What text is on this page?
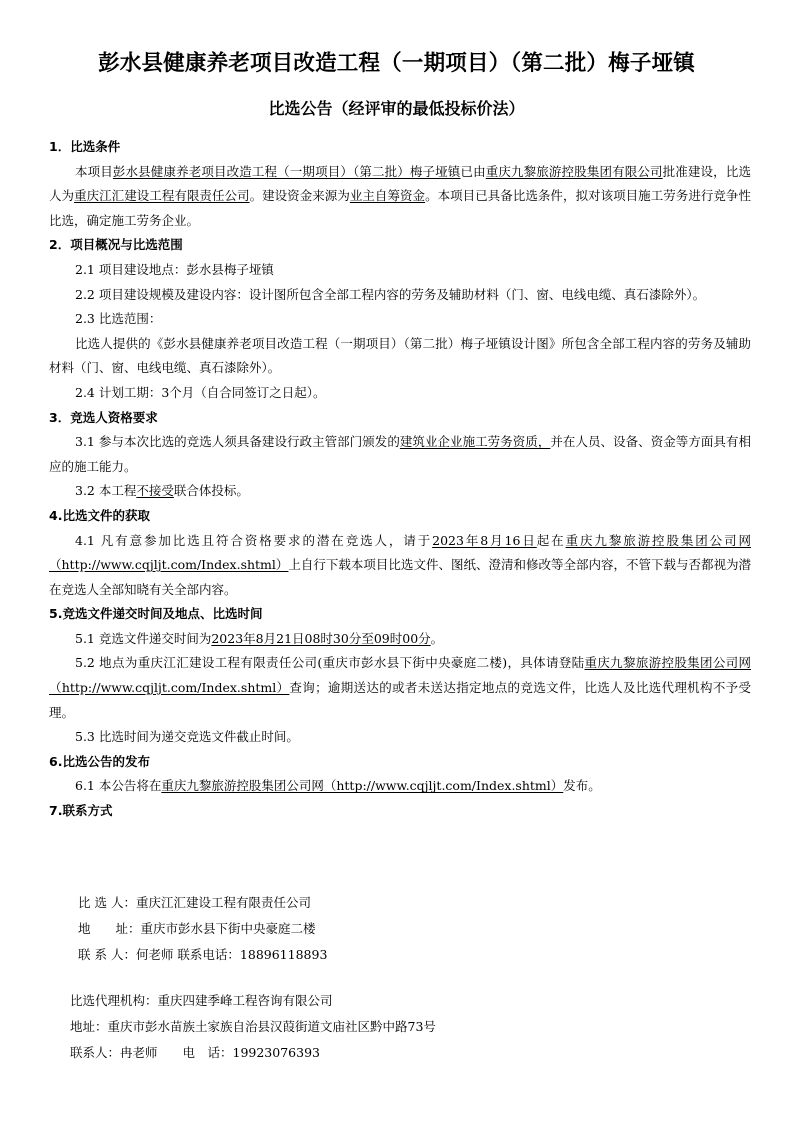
彭水县健康养老项目改造工程（一期项目）（第二批）梅子垭镇
比选公告（经评审的最低投标价法）

1．比选条件

本项目彭水县健康养老项目改造工程（一期项目）（第二批）梅子垭镇已由重庆九黎旅游控股集团有限公司批准建设，比选人为重庆江汇建设工程有限责任公司。建设资金来源为业主自筹资金。本项目已具备比选条件，拟对该项目施工劳务进行竞争性比选，确定施工劳务企业。

2．项目概况与比选范围

2.1 项目建设地点：彭水县梅子垭镇

2.2 项目建设规模及建设内容：设计图所包含全部工程内容的劳务及辅助材料（门、窗、电线电缆、真石漆除外）。

2.3 比选范围：

比选人提供的《彭水县健康养老项目改造工程（一期项目）（第二批）梅子垭镇设计图》所包含全部工程内容的劳务及辅助材料（门、窗、电线电缆、真石漆除外）。

2.4 计划工期：3个月（自合同签订之日起）。

3．竞选人资格要求

3.1 参与本次比选的竞选人须具备建设行政主管部门颁发的建筑业企业施工劳务资质，并在人员、设备、资金等方面具有相应的施工能力。

3.2 本工程不接受联合体投标。

4.比选文件的获取

4.1 凡有意参加比选且符合资格要求的潜在竞选人，请于2023年8月16日起在重庆九黎旅游控股集团公司网（http://www.cqjljt.com/Index.shtml）上自行下载本项目比选文件、图纸、澄清和修改等全部内容，不管下载与否都视为潜在竞选人全部知晓有关全部内容。

5.竞选文件递交时间及地点、比选时间

5.1 竞选文件递交时间为2023年8月21日08时30分至09时00分。

5.2 地点为重庆江汇建设工程有限责任公司(重庆市彭水县下街中央豪庭二楼)，具体请登陆重庆九黎旅游控股集团公司网（http://www.cqjljt.com/Index.shtml）查询；逾期送达的或者未送达指定地点的竞选文件，比选人及比选代理机构不予受理。

5.3 比选时间为递交竞选文件截止时间。

6.比选公告的发布

6.1 本公告将在重庆九黎旅游控股集团公司网（http://www.cqjljt.com/Index.shtml）发布。

7.联系方式

比 选 人：重庆江汇建设工程有限责任公司

地　　址：重庆市彭水县下街中央豪庭二楼

联 系 人：何老师 联系电话：18896118893

比选代理机构：重庆四建季峰工程咨询有限公司

地址：重庆市彭水苗族土家族自治县汉葭街道文庙社区黔中路73号

联系人：冉老师　　电　话：19923076393
